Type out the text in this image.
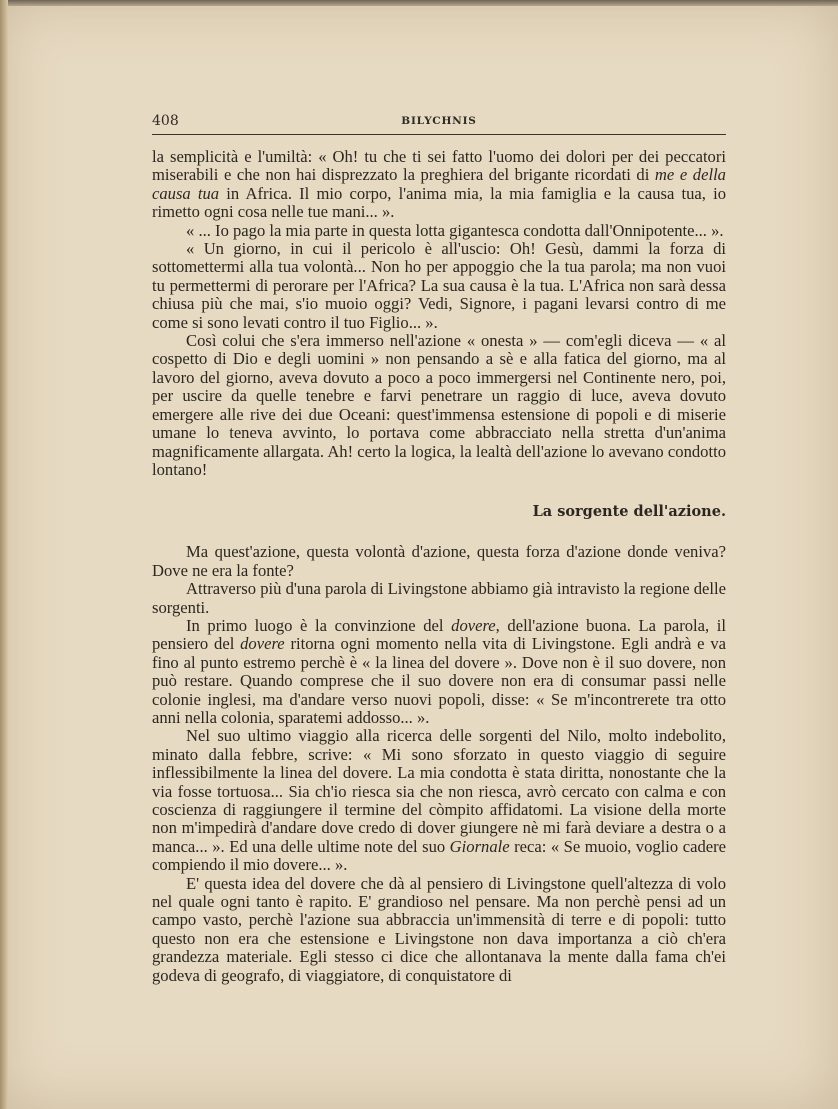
408	BILYCHNIS

la semplicità e l'umiltà: « Oh! tu che ti sei fatto l'uomo dei dolori per dei peccatori miserabili e che non hai disprezzato la preghiera del brigante ricordati di me e della causa tua in Africa. Il mio corpo, l'anima mia, la mia famiglia e la causa tua, io rimetto ogni cosa nelle tue mani... ».

« ... Io pago la mia parte in questa lotta gigantesca condotta dall'Onnipotente... ».

« Un giorno, in cui il pericolo è all'uscio: Oh! Gesù, dammi la forza di sottomettermi alla tua volontà... Non ho per appoggio che la tua parola; ma non vuoi tu permettermi di perorare per l'Africa? La sua causa è la tua. L'Africa non sarà dessa chiusa più che mai, s'io muoio oggi? Vedi, Signore, i pagani levarsi contro di me come si sono levati contro il tuo Figlio... ».

Così colui che s'era immerso nell'azione « onesta » — com'egli diceva — « al cospetto di Dio e degli uomini » non pensando a sè e alla fatica del giorno, ma al lavoro del giorno, aveva dovuto a poco a poco immergersi nel Continente nero, poi, per uscire da quelle tenebre e farvi penetrare un raggio di luce, aveva dovuto emergere alle rive dei due Oceani: quest'immensa estensione di popoli e di miserie umane lo teneva avvinto, lo portava come abbracciato nella stretta d'un'anima magnificamente allargata. Ah! certo la logica, la lealtà dell'azione lo avevano condotto lontano!

La sorgente dell'azione.

Ma quest'azione, questa volontà d'azione, questa forza d'azione donde veniva? Dove ne era la fonte?

Attraverso più d'una parola di Livingstone abbiamo già intravisto la regione delle sorgenti.

In primo luogo è la convinzione del dovere, dell'azione buona. La parola, il pensiero del dovere ritorna ogni momento nella vita di Livingstone. Egli andrà e va fino al punto estremo perchè è « la linea del dovere ». Dove non è il suo dovere, non può restare. Quando comprese che il suo dovere non era di consumar passi nelle colonie inglesi, ma d'andare verso nuovi popoli, disse: « Se m'incontrerete tra otto anni nella colonia, sparatemi addosso... ».

Nel suo ultimo viaggio alla ricerca delle sorgenti del Nilo, molto indebolito, minato dalla febbre, scrive: « Mi sono sforzato in questo viaggio di seguire inflessibilmente la linea del dovere. La mia condotta è stata diritta, nonostante che la via fosse tortuosa... Sia ch'io riesca sia che non riesca, avrò cercato con calma e con coscienza di raggiungere il termine del còmpito affidatomi. La visione della morte non m'impedirà d'andare dove credo di dover giungere nè mi farà deviare a destra o a manca... ». Ed una delle ultime note del suo Giornale reca: « Se muoio, voglio cadere compiendo il mio dovere... ».

E' questa idea del dovere che dà al pensiero di Livingstone quell'altezza di volo nel quale ogni tanto è rapito. E' grandioso nel pensare. Ma non perchè pensi ad un campo vasto, perchè l'azione sua abbraccia un'immensità di terre e di popoli: tutto questo non era che estensione e Livingstone non dava importanza a ciò ch'era grandezza materiale. Egli stesso ci dice che allontanava la mente dalla fama ch'ei godeva di geografo, di viaggiatore, di conquistatore di
